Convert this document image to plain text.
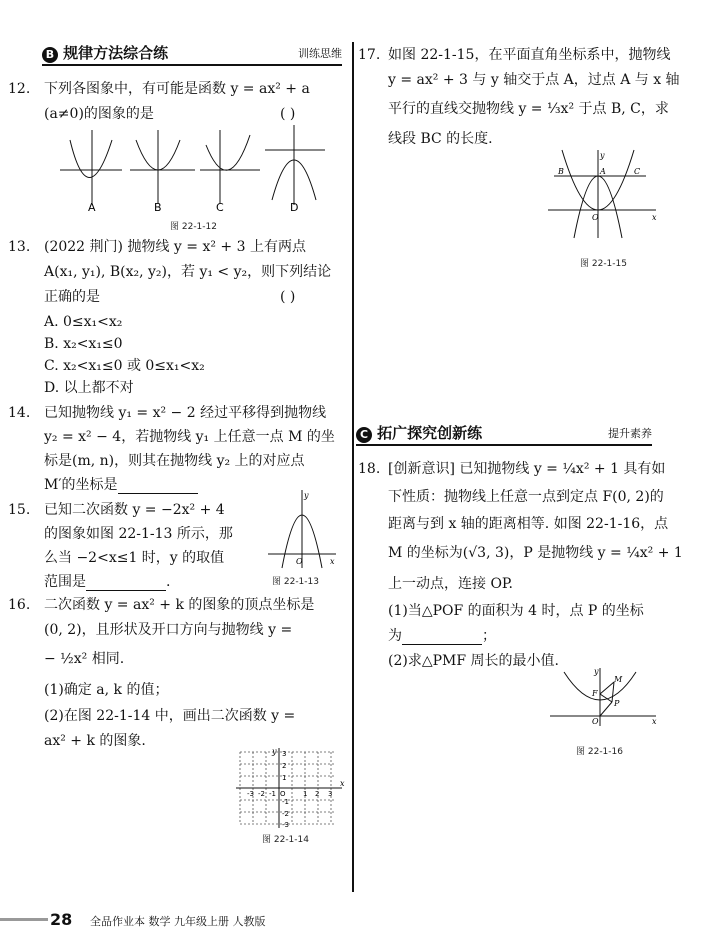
B 规律方法综合练	训练思维
12. 下列各图象中，有可能是函数 y = ax² + a
(a≠0)的图象的是	( )
A	B	C	D
图 22-1-12
13. (2022 荆门) 抛物线 y = x² + 3 上有两点
A(x₁, y₁), B(x₂, y₂)，若 y₁ < y₂，则下列结论
正确的是	( )
A. 0≤x₁<x₂
B. x₂<x₁≤0
C. x₂<x₁≤0 或 0≤x₁<x₂
D. 以上都不对
14. 已知抛物线 y₁ = x² − 2 经过平移得到抛物线
y₂ = x² − 4，若抛物线 y₁ 上任意一点 M 的坐
标是(m, n)，则其在抛物线 y₂ 上的对应点
M′的坐标是
15. 已知二次函数 y = −2x² + 4
的图象如图 22-1-13 所示，那
么当 −2<x≤1 时，y 的取值
范围是	.
x
y
O
图 22-1-13
16. 二次函数 y = ax² + k 的图象的顶点坐标是
(0, 2)，且形状及开口方向与抛物线 y =
− ½x² 相同.
(1)确定 a, k 的值；
(2)在图 22-1-14 中，画出二次函数 y =
ax² + k 的图象.
-3 -2 -1 O 1 2 3
3
2
1
-1
-2
-3
x
y
图 22-1-14
17. 如图 22-1-15，在平面直角坐标系中，抛物线
y = ax² + 3 与 y 轴交于点 A，过点 A 与 x 轴
平行的直线交抛物线 y = ⅓x² 于点 B, C，求
线段 BC 的长度.
B	A	C
O	x
y
图 22-1-15
C 拓广探究创新练	提升素养
18. [创新意识] 已知抛物线 y = ¼x² + 1 具有如
下性质：抛物线上任意一点到定点 F(0, 2)的
距离与到 x 轴的距离相等. 如图 22-1-16，点
M 的坐标为(√3, 3)，P 是抛物线 y = ¼x² + 1
上一动点，连接 OP.
(1)当△POF 的面积为 4 时，点 P 的坐标
为	；
(2)求△PMF 周长的最小值.
F
M
P
O	x
y
图 22-1-16
28 全品作业本 数学 九年级上册 人教版
